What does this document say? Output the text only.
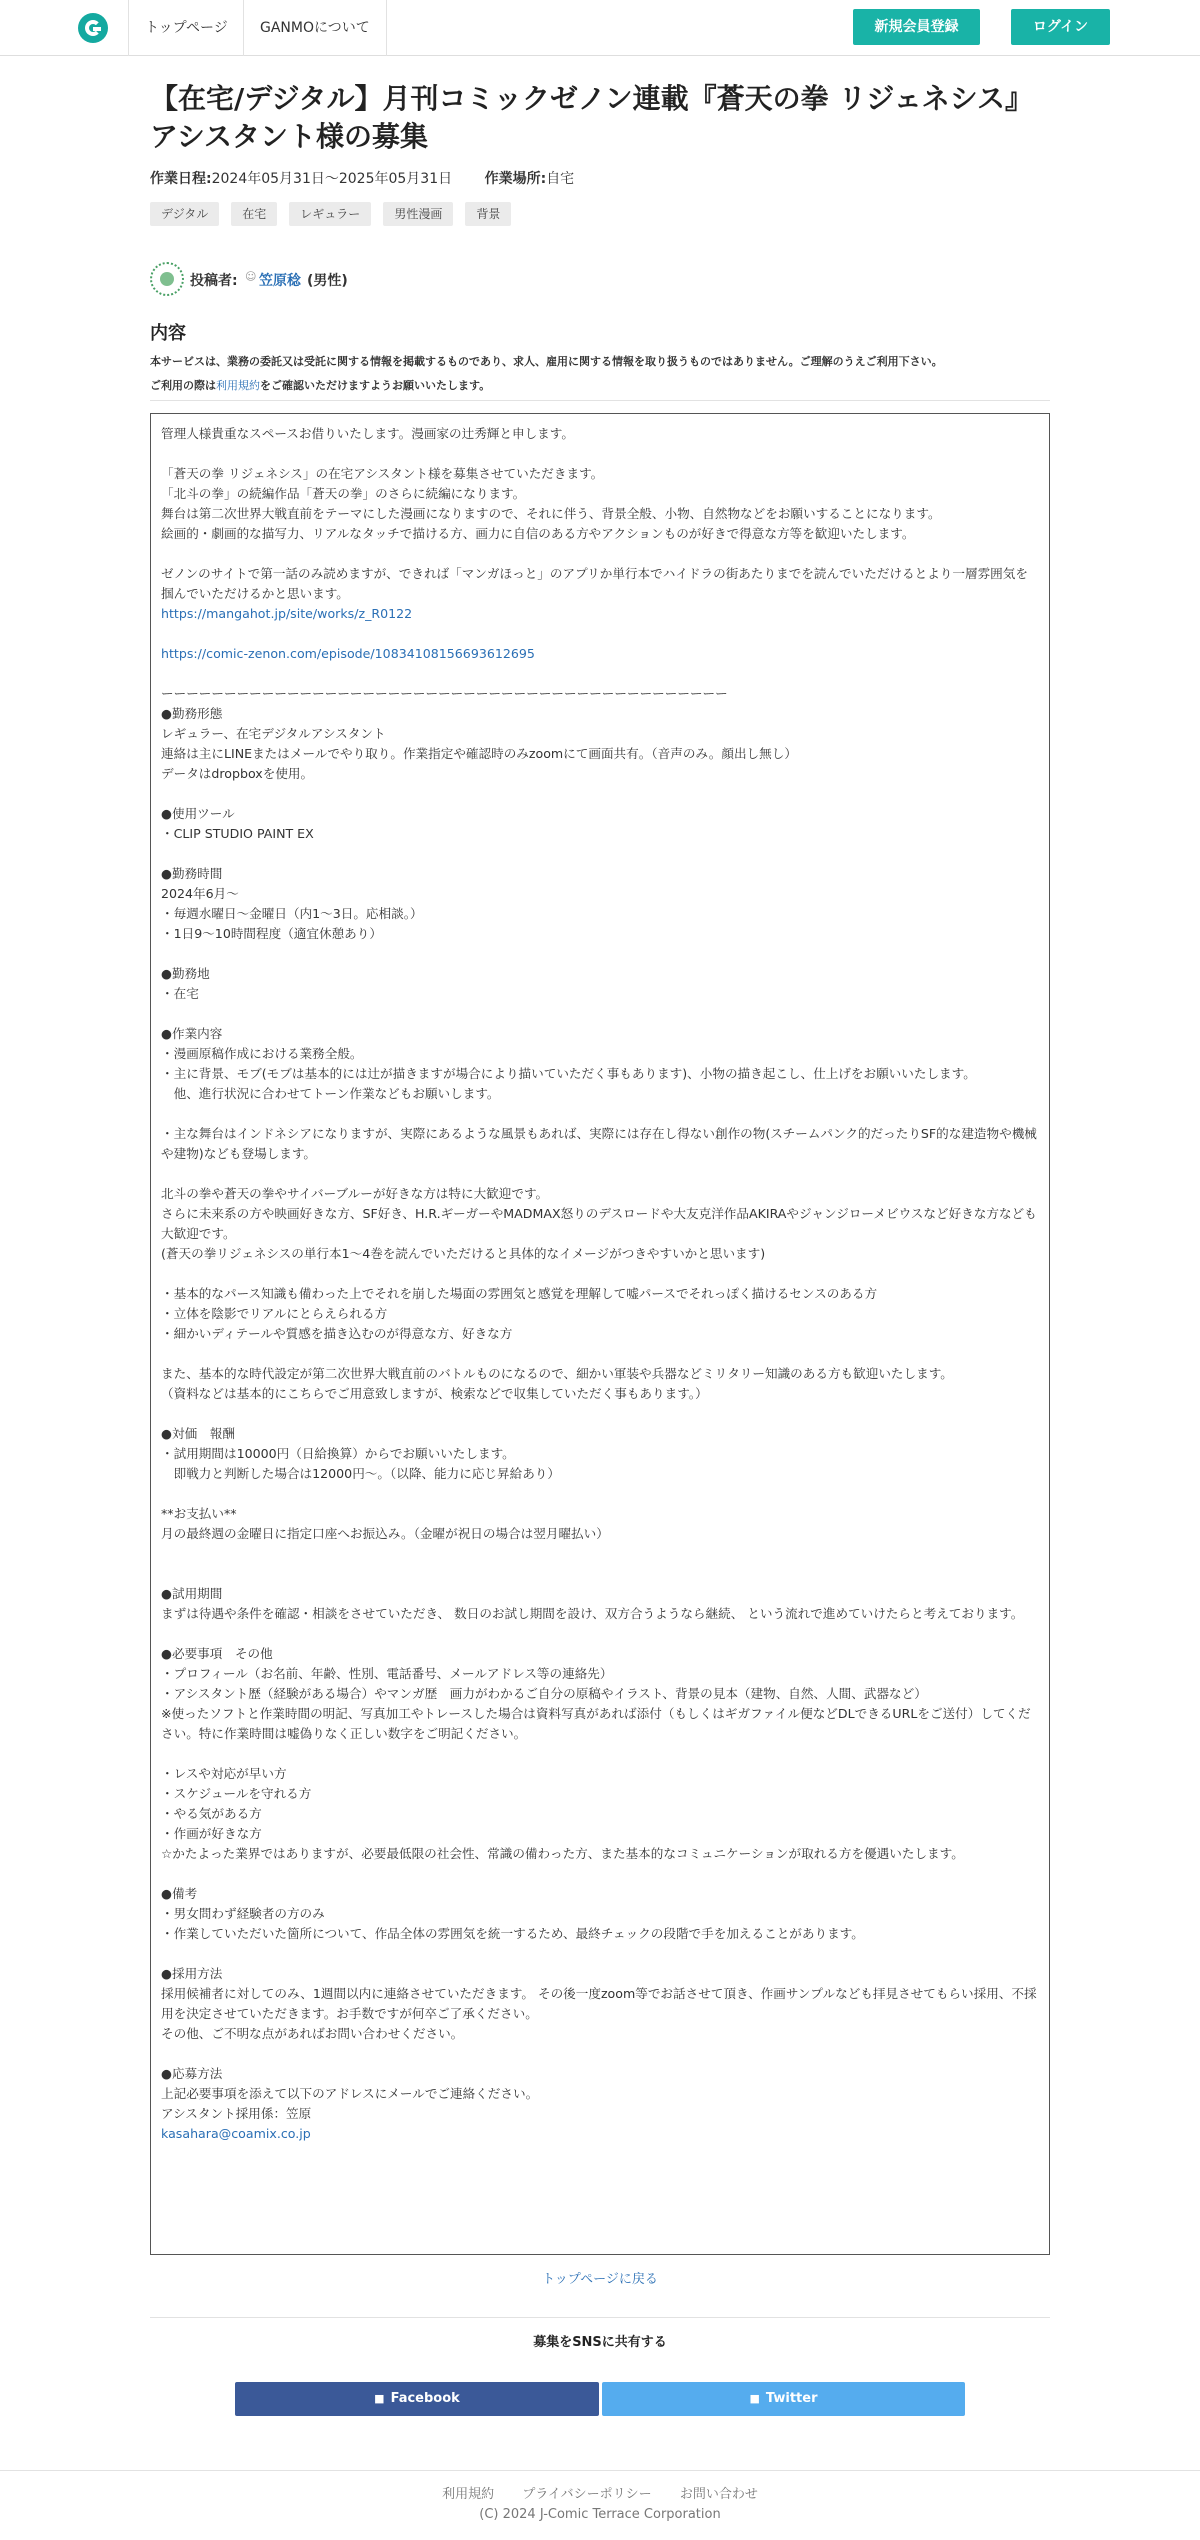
トップページ	GANMOについて	新規会員登録	ログイン
【在宅/デジタル】月刊コミックゼノン連載『蒼天の拳 リジェネシス』アシスタント様の募集
作業日程:2024年05月31日〜2025年05月31日 作業場所:自宅
デジタル	在宅	レギュラー	男性漫画	背景
投稿者: ☺ 笠原稔 (男性)
内容
本サービスは、業務の委託又は受託に関する情報を掲載するものであり、求人、雇用に関する情報を取り扱うものではありません。ご理解のうえご利用下さい。
ご利用の際は利用規約をご確認いただけますようお願いいたします。
管理人様貴重なスペースお借りいたします。漫画家の辻秀輝と申します。

「蒼天の拳 リジェネシス」の在宅アシスタント様を募集させていただきます。
「北斗の拳」の続編作品「蒼天の拳」のさらに続編になります。
舞台は第二次世界大戦直前をテーマにした漫画になりますので、それに伴う、背景全般、小物、自然物などをお願いすることになります。
絵画的・劇画的な描写力、リアルなタッチで描ける方、画力に自信のある方やアクションものが好きで得意な方等を歓迎いたします。

ゼノンのサイトで第一話のみ読めますが、できれば「マンガほっと」のアプリか単行本でハイドラの街あたりまでを読んでいただけるとより一層雰囲気を掴んでいただけるかと思います。

https://mangahot.jp/site/works/z_R0122

https://comic-zenon.com/episode/10834108156693612695

ーーーーーーーーーーーーーーーーーーーーーーーーーーーーーーーーーーーーーーーーーーーーー
●勤務形態
レギュラー、在宅デジタルアシスタント
連絡は主にLINEまたはメールでやり取り。作業指定や確認時のみzoomにて画面共有。（音声のみ。顔出し無し）
データはdropboxを使用。

●使用ツール
・CLIP STUDIO PAINT EX

●勤務時間
2024年6月〜
・毎週水曜日〜金曜日（内1〜3日。応相談。）
・1日9〜10時間程度（適宜休憩あり）

●勤務地
・在宅

●作業内容
・漫画原稿作成における業務全般。
・主に背景、モブ(モブは基本的には辻が描きますが場合により描いていただく事もあります)、小物の描き起こし、仕上げをお願いいたします。
　他、進行状況に合わせてトーン作業などもお願いします。

・主な舞台はインドネシアになりますが、実際にあるような風景もあれば、実際には存在し得ない創作の物(スチームパンク的だったりSF的な建造物や機械や建物)なども登場します。

北斗の拳や蒼天の拳やサイバーブルーが好きな方は特に大歓迎です。
さらに未来系の方や映画好きな方、SF好き、H.R.ギーガーやMADMAX怒りのデスロードや大友克洋作品AKIRAやジャンジローメビウスなど好きな方なども大歓迎です。
(蒼天の拳リジェネシスの単行本1〜4巻を読んでいただけると具体的なイメージがつきやすいかと思います)

・基本的なパース知識も備わった上でそれを崩した場面の雰囲気と感覚を理解して嘘パースでそれっぽく描けるセンスのある方
・立体を陰影でリアルにとらえられる方
・細かいディテールや質感を描き込むのが得意な方、好きな方

また、基本的な時代設定が第二次世界大戦直前のバトルものになるので、細かい軍装や兵器などミリタリー知識のある方も歓迎いたします。
（資料などは基本的にこちらでご用意致しますが、検索などで収集していただく事もあります。）

●対価　報酬
・試用期間は10000円（日給換算）からでお願いいたします。
　即戦力と判断した場合は12000円〜。（以降、能力に応じ昇給あり）

**お支払い**
月の最終週の金曜日に指定口座へお振込み。（金曜が祝日の場合は翌月曜払い）

●試用期間
まずは待遇や条件を確認・相談をさせていただき、 数日のお試し期間を設け、双方合うようなら継続、 という流れで進めていけたらと考えております。

●必要事項　その他
・プロフィール（お名前、年齢、性別、電話番号、メールアドレス等の連絡先）
・アシスタント歴（経験がある場合）やマンガ歴　画力がわかるご自分の原稿やイラスト、背景の見本（建物、自然、人間、武器など）
※使ったソフトと作業時間の明記、写真加工やトレースした場合は資料写真があれば添付（もしくはギガファイル便などDLできるURLをご送付）してください。特に作業時間は嘘偽りなく正しい数字をご明記ください。

・レスや対応が早い方
・スケジュールを守れる方
・やる気がある方
・作画が好きな方
☆かたよった業界ではありますが、必要最低限の社会性、常識の備わった方、また基本的なコミュニケーションが取れる方を優遇いたします。

●備考
・男女問わず経験者の方のみ
・作業していただいた箇所について、作品全体の雰囲気を統一するため、最終チェックの段階で手を加えることがあります。

●採用方法
採用候補者に対してのみ、1週間以内に連絡させていただきます。 その後一度zoom等でお話させて頂き、作画サンプルなども拝見させてもらい採用、不採用を決定させていただきます。お手数ですが何卒ご了承ください。
その他、ご不明な点があればお問い合わせください。

●応募方法
上記必要事項を添えて以下のアドレスにメールでご連絡ください。
アシスタント採用係：笠原
kasahara@coamix.co.jp
トップページに戻る
募集をSNSに共有する
■ Facebook	■ Twitter
利用規約 プライバシーポリシー お問い合わせ
(C) 2024 J-Comic Terrace Corporation
